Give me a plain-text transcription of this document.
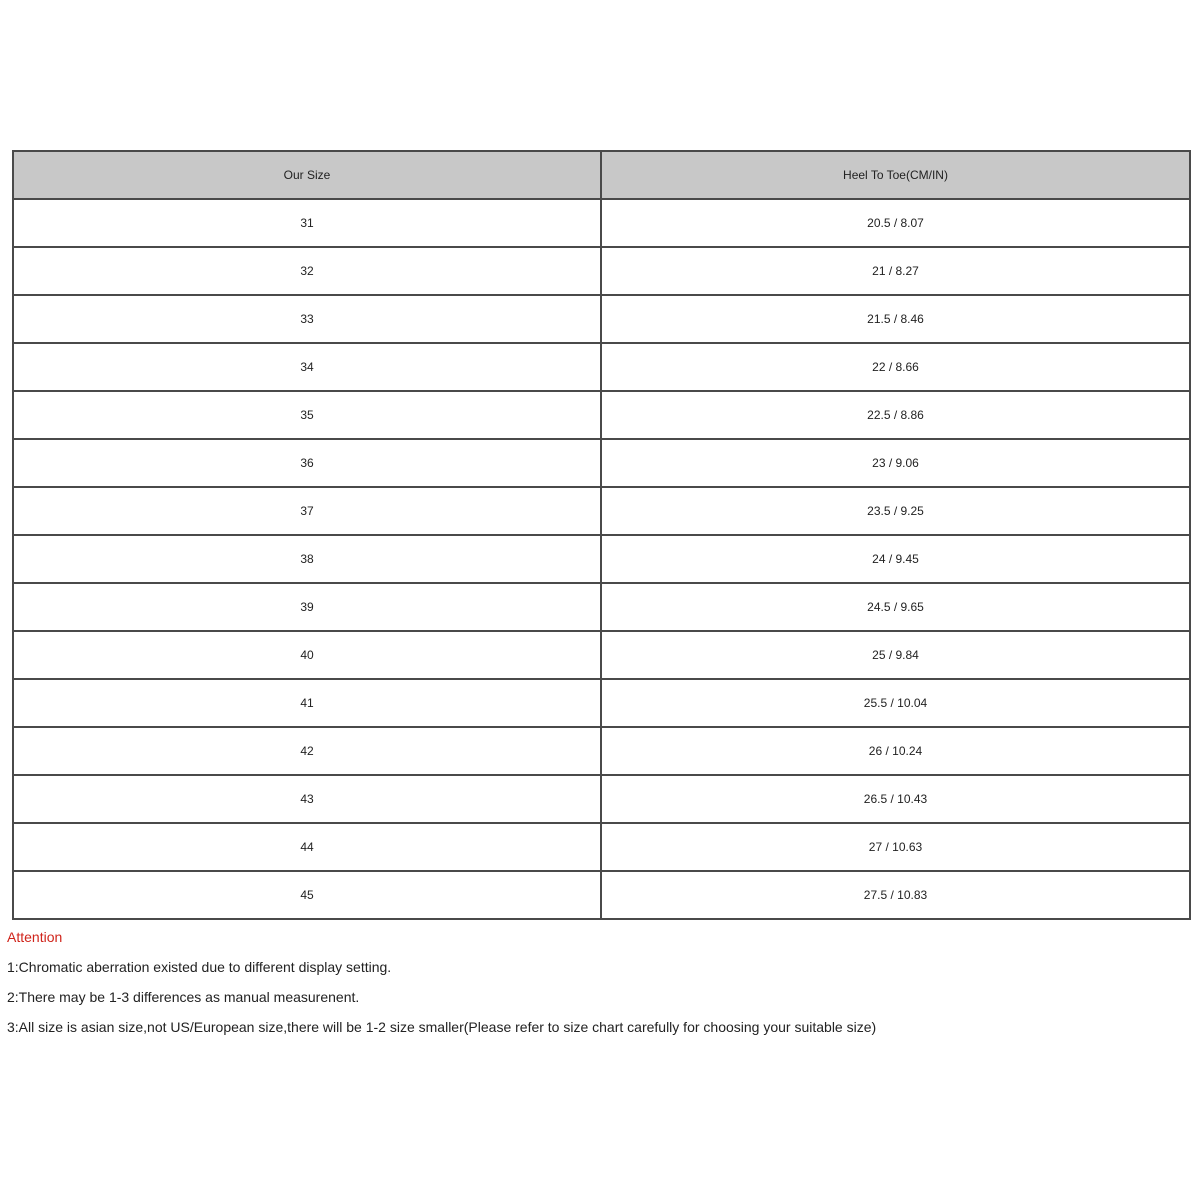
Our Size	Heel To Toe(CM/IN)
31	20.5 / 8.07
32	21 / 8.27
33	21.5 / 8.46
34	22 / 8.66
35	22.5 / 8.86
36	23 / 9.06
37	23.5 / 9.25
38	24 / 9.45
39	24.5 / 9.65
40	25 / 9.84
41	25.5 / 10.04
42	26 / 10.24
43	26.5 / 10.43
44	27 / 10.63
45	27.5 / 10.83
Attention
1:Chromatic aberration existed due to different display setting.
2:There may be 1-3 differences as manual measurenent.
3:All size is asian size,not US/European size,there will be 1-2 size smaller(Please refer to size chart carefully for choosing your suitable size)
